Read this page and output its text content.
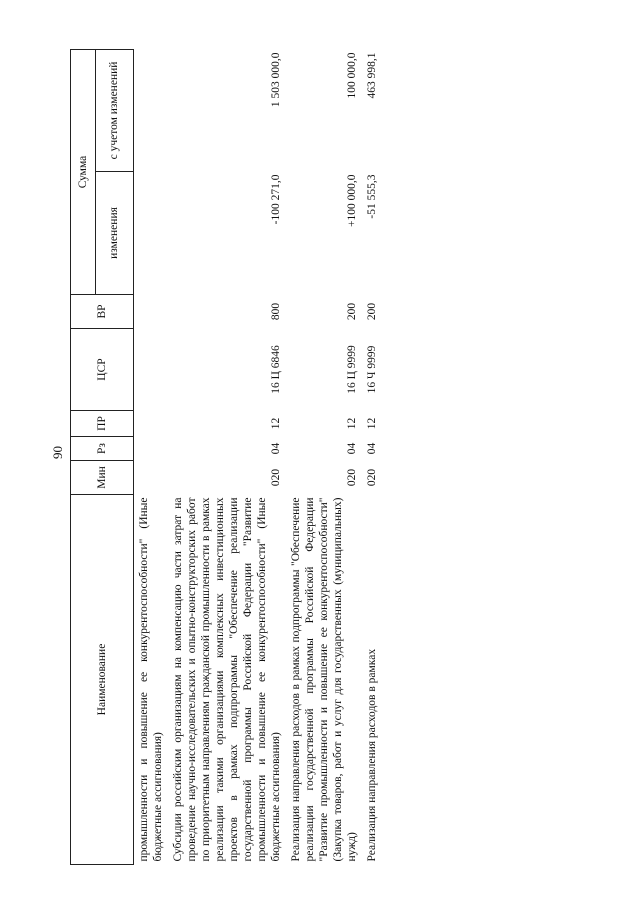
90
Наименование	Мин	Рз	ПР	ЦСР	ВР	Сумма	
						изменения	с учетом изменений
промышленности и повышение ее конкурентоспособности" (Иные бюджетные ассигнования)							
Субсидии российским организациям на компенсацию части затрат на проведение научно-исследовательских и опытно-конструкторских работ по приоритетным направлениям гражданской промышленности в рамках реализации такими организациями комплексных инвестиционных проектов в рамках подпрограммы "Обеспечение реализации государственной программы Российской Федерации "Развитие промышленности и повышение ее конкурентоспособности" (Иные бюджетные ассигнования)	020	04	12	16 Ц 6846	800	-100 271,0	1 503 000,0
Реализация направления расходов в рамках подпрограммы "Обеспечение реализации государственной программы Российской Федерации "Развитие промышленности и повышение ее конкурентоспособности" (Закупка товаров, работ и услуг для государственных (муниципальных) нужд)	020	04	12	16 Ц 9999	200	+100 000,0	100 000,0
Реализация направления расходов в рамках	020	04	12	16 Ч 9999	200	-51 555,3	463 998,1
